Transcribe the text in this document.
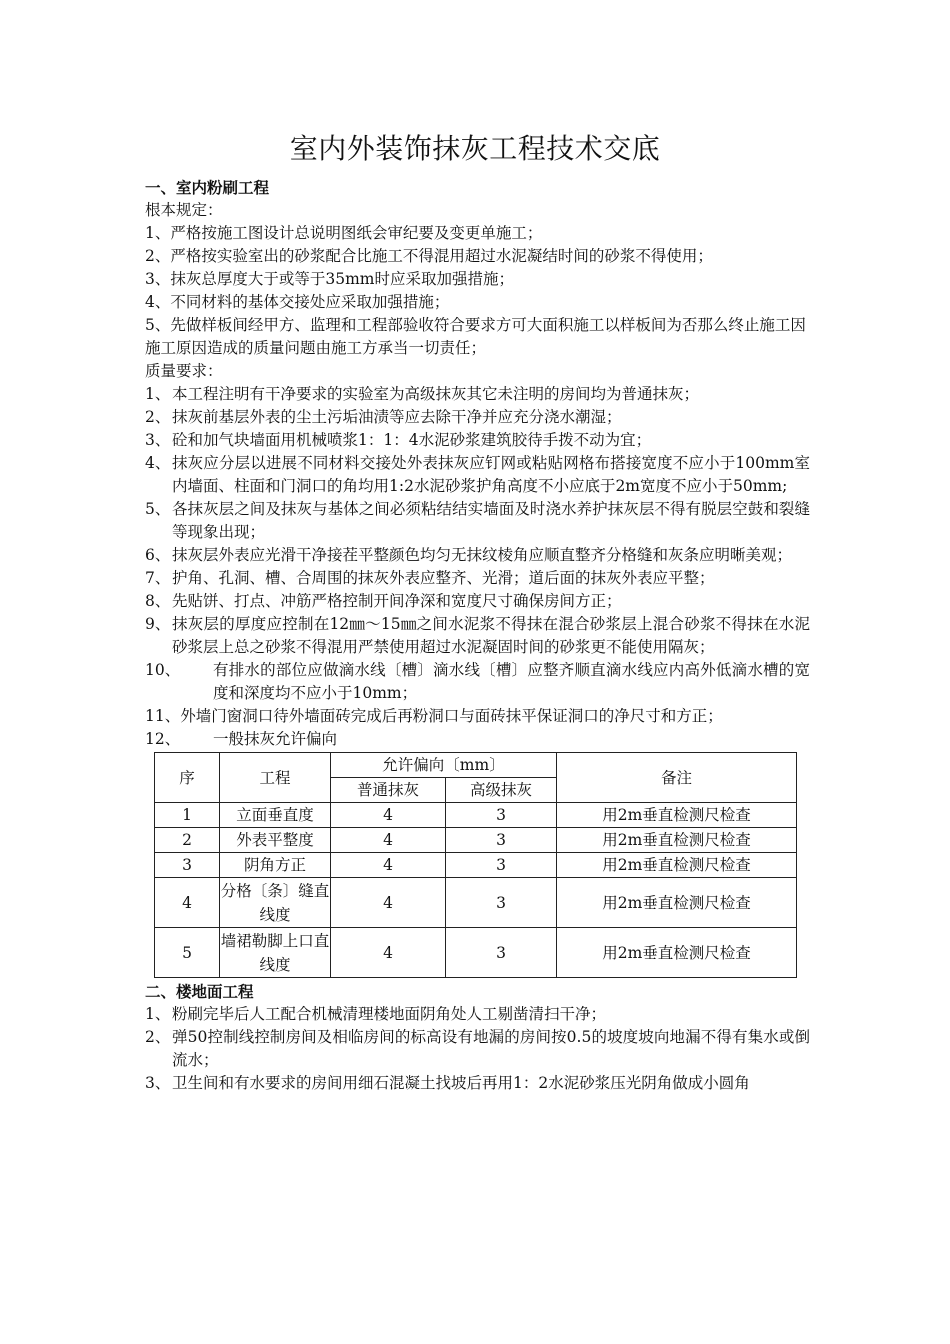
室内外装饰抹灰工程技术交底
一、室内粉刷工程
根本规定：
1、 严格按施工图设计总说明图纸会审纪要及变更单施工；
2、 严格按实验室出的砂浆配合比施工不得混用超过水泥凝结时间的砂浆不得使用；
3、 抹灰总厚度大于或等于35mm时应采取加强措施；
4、 不同材料的基体交接处应采取加强措施；
5、先做样板间经甲方、监理和工程部验收符合要求方可大面积施工以样板间为否那么终止施工因施工原因造成的质量问题由施工方承当一切责任；
质量要求：
1、
本工程注明有干净要求的实验室为高级抹灰其它未注明的房间均为普通抹灰；
2、
抹灰前基层外表的尘土污垢油渍等应去除干净并应充分浇水潮湿；
3、
砼和加气块墙面用机械喷浆1：1：4水泥砂浆建筑胶待手拨不动为宜；
4、
抹灰应分层以进展不同材料交接处外表抹灰应钉网或粘贴网格布搭接宽度不应小于100mm室内墙面、柱面和门洞口的角均用1:2水泥砂浆护角高度不小应底于2m宽度不应小于50mm;
5、
各抹灰层之间及抹灰与基体之间必须粘结结实墙面及时浇水养护抹灰层不得有脱层空鼓和裂缝等现象出现；
6、
抹灰层外表应光滑干净接茬平整颜色均匀无抹纹棱角应顺直整齐分格缝和灰条应明晰美观；
7、
护角、孔洞、槽、合周围的抹灰外表应整齐、光滑；道后面的抹灰外表应平整；
8、
先贴饼、打点、冲筋严格控制开间净深和宽度尺寸确保房间方正；
9、
抹灰层的厚度应控制在12㎜～15㎜之间水泥浆不得抹在混合砂浆层上混合砂浆不得抹在水泥砂浆层上总之砂浆不得混用严禁使用超过水泥凝固时间的砂浆更不能使用隔灰；
10、	有排水的部位应做滴水线〔槽〕滴水线〔槽〕应整齐顺直滴水线应内高外低滴水槽的宽度和深度均不应小于10mm；
11、外墙门窗洞口待外墙面砖完成后再粉洞口与面砖抹平保证洞口的净尺寸和方正；
12、	一般抹灰允许偏向
序	工程	允许偏向〔mm〕		备注
		普通抹灰	高级抹灰	
1	立面垂直度	4	3	用2m垂直检测尺检查
2	外表平整度	4	3	用2m垂直检测尺检查
3	阴角方正	4	3	用2m垂直检测尺检查
4	分格〔条〕缝直线度	4	3	用2m垂直检测尺检查
5	墙裙勒脚上口直线度	4	3	用2m垂直检测尺检查
二、楼地面工程
1、
粉刷完毕后人工配合机械清理楼地面阴角处人工剔凿清扫干净；
2、
弹50控制线控制房间及相临房间的标高设有地漏的房间按0.5的坡度坡向地漏不得有集水或倒流水；
3、
卫生间和有水要求的房间用细石混凝土找坡后再用1：2水泥砂浆压光阴角做成小圆角
